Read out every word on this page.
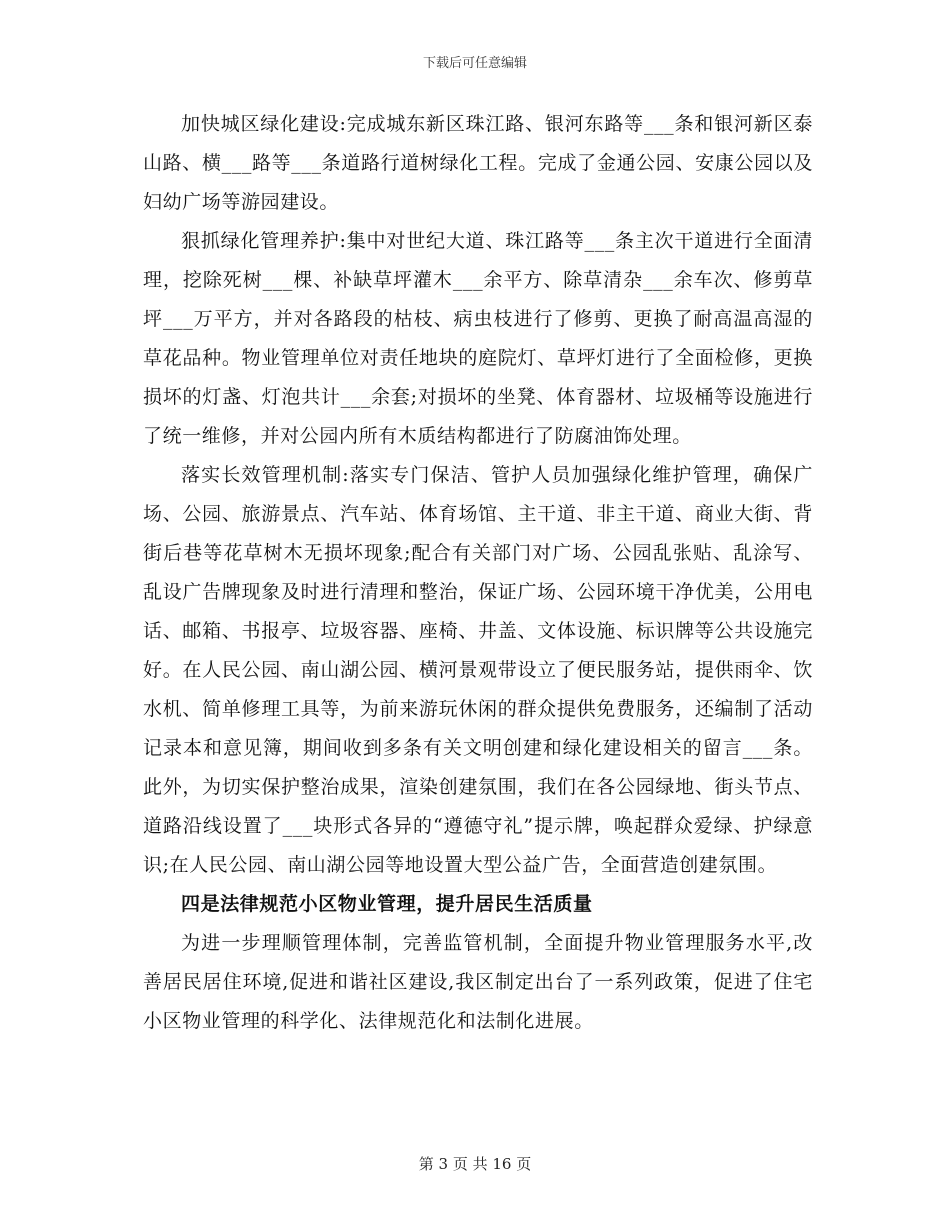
下载后可任意编辑

加快城区绿化建设:完成城东新区珠江路、银河东路等___条和银河新区泰山路、横___路等___条道路行道树绿化工程。完成了金通公园、安康公园以及妇幼广场等游园建设。

狠抓绿化管理养护:集中对世纪大道、珠江路等___条主次干道进行全面清理，挖除死树___棵、补缺草坪灌木___余平方、除草清杂___余车次、修剪草坪___万平方，并对各路段的枯枝、病虫枝进行了修剪、更换了耐高温高湿的草花品种。物业管理单位对责任地块的庭院灯、草坪灯进行了全面检修，更换损坏的灯盏、灯泡共计___余套;对损坏的坐凳、体育器材、垃圾桶等设施进行了统一维修，并对公园内所有木质结构都进行了防腐油饰处理。

落实长效管理机制:落实专门保洁、管护人员加强绿化维护管理，确保广场、公园、旅游景点、汽车站、体育场馆、主干道、非主干道、商业大街、背街后巷等花草树木无损坏现象;配合有关部门对广场、公园乱张贴、乱涂写、乱设广告牌现象及时进行清理和整治，保证广场、公园环境干净优美，公用电话、邮箱、书报亭、垃圾容器、座椅、井盖、文体设施、标识牌等公共设施完好。在人民公园、南山湖公园、横河景观带设立了便民服务站，提供雨伞、饮水机、简单修理工具等，为前来游玩休闲的群众提供免费服务，还编制了活动记录本和意见簿，期间收到多条有关文明创建和绿化建设相关的留言___条。此外，为切实保护整治成果，渲染创建氛围，我们在各公园绿地、街头节点、道路沿线设置了___块形式各异的“遵德守礼”提示牌，唤起群众爱绿、护绿意识;在人民公园、南山湖公园等地设置大型公益广告，全面营造创建氛围。

四是法律规范小区物业管理，提升居民生活质量

为进一步理顺管理体制，完善监管机制，全面提升物业管理服务水平,改善居民居住环境,促进和谐社区建设,我区制定出台了一系列政策，促进了住宅小区物业管理的科学化、法律规范化和法制化进展。

第 3 页 共 16 页
